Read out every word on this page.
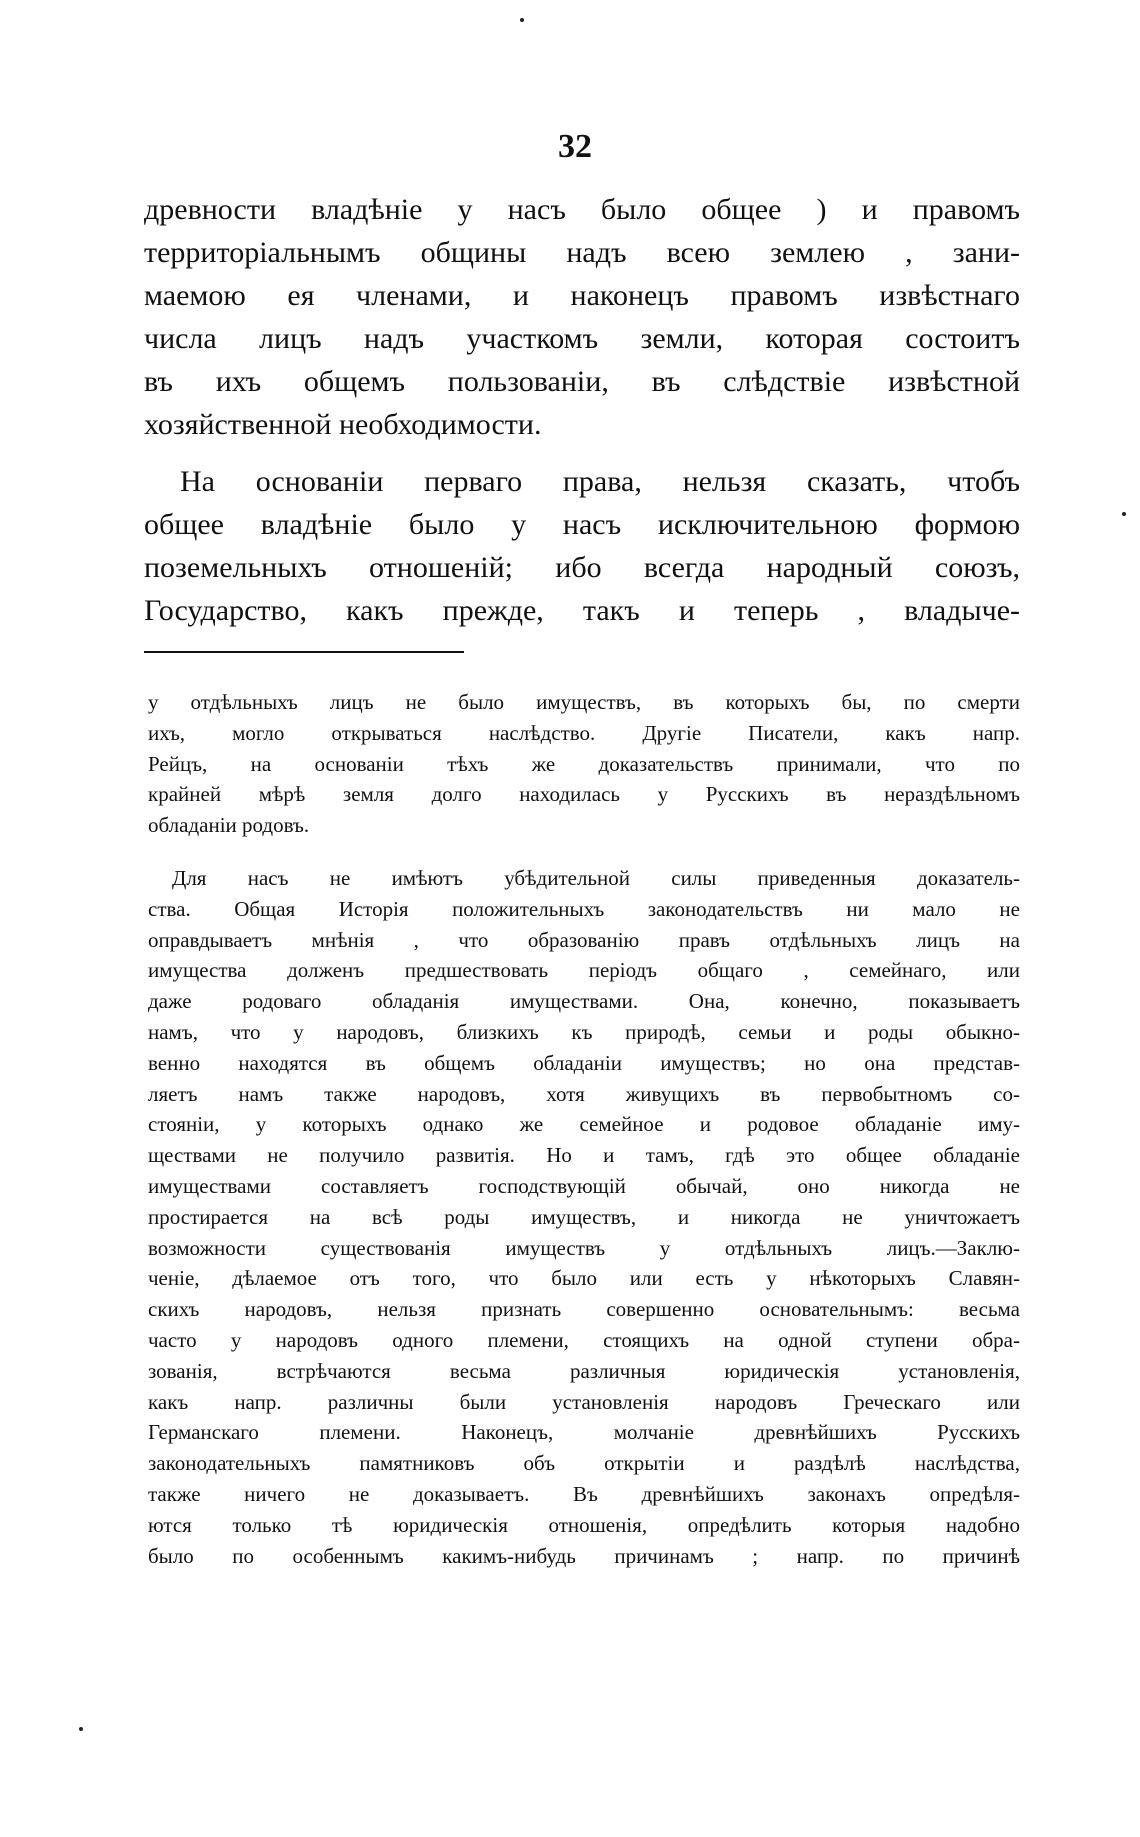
32
древности владѣніе у насъ было общее ) и правомъ
территоріальнымъ общины надъ всею землею , зани-
маемою ея членами, и наконецъ правомъ извѣстнаго
числа лицъ надъ участкомъ земли, которая состоитъ
въ ихъ общемъ пользованіи, въ слѣдствіе извѣстной
хозяйственной необходимости.
На основаніи перваго права, нельзя сказать, чтобъ
общее владѣніе было у насъ исключительною формою
поземельныхъ отношеній; ибо всегда народный союзъ,
Государство, какъ прежде, такъ и теперь , владыче-
у отдѣльныхъ лицъ не было имуществъ, въ которыхъ бы, по смерти
ихъ, могло открываться наслѣдство. Другіе Писатели, какъ напр.
Рейцъ, на основаніи тѣхъ же доказательствъ принимали, что по
крайней мѣрѣ земля долго находилась у Русскихъ въ нераздѣльномъ
обладаніи родовъ.
Для насъ не имѣютъ убѣдительной силы приведенныя доказатель-
ства. Общая Исторія положительныхъ законодательствъ ни мало не
оправдываетъ мнѣнія , что образованію правъ отдѣльныхъ лицъ на
имущества долженъ предшествовать періодъ общаго , семейнаго, или
даже родоваго обладанія имуществами. Она, конечно, показываетъ
намъ, что у народовъ, близкихъ къ природѣ, семьи и роды обыкно-
венно находятся въ общемъ обладаніи имуществъ; но она представ-
ляетъ намъ также народовъ, хотя живущихъ въ первобытномъ со-
стояніи, у которыхъ однако же семейное и родовое обладаніе иму-
ществами не получило развитія. Но и тамъ, гдѣ это общее обладаніе
имуществами составляетъ господствующій обычай, оно никогда не
простирается на всѣ роды имуществъ, и никогда не уничтожаетъ
возможности существованія имуществъ у отдѣльныхъ лицъ.—Заклю-
ченіе, дѣлаемое отъ того, что было или есть у нѣкоторыхъ Славян-
скихъ народовъ, нельзя признать совершенно основательнымъ: весьма
часто у народовъ одного племени, стоящихъ на одной ступени обра-
зованія, встрѣчаются весьма различныя юридическія установленія,
какъ напр. различны были установленія народовъ Греческаго или
Германскаго племени. Наконецъ, молчаніе древнѣйшихъ Русскихъ
законодательныхъ памятниковъ объ открытіи и раздѣлѣ наслѣдства,
также ничего не доказываетъ. Въ древнѣйшихъ законахъ опредѣля-
ются только тѣ юридическія отношенія, опредѣлить которыя надобно
было по особеннымъ какимъ-нибудь причинамъ ; напр. по причинѣ
